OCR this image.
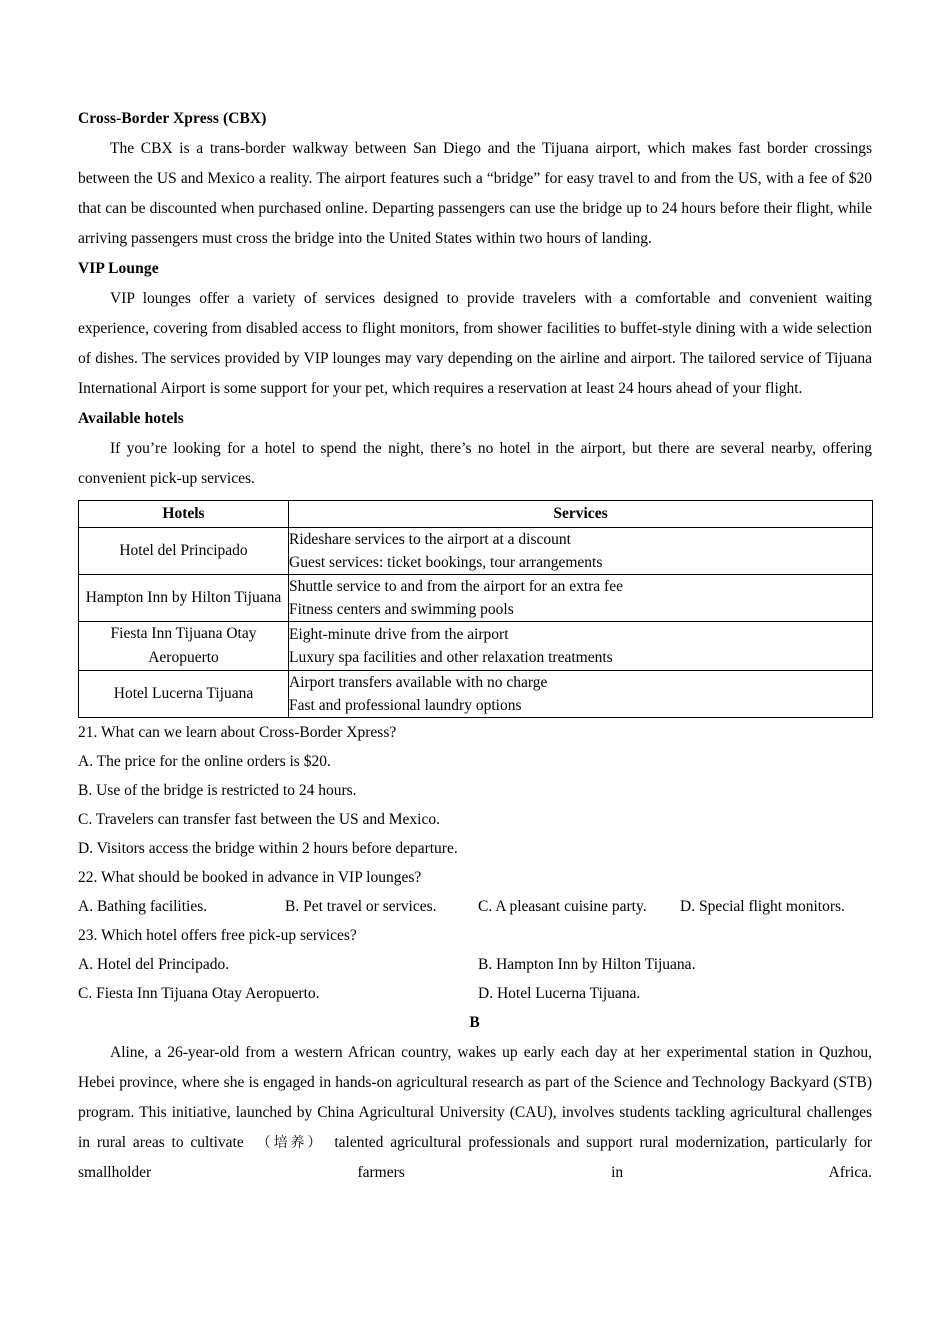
Cross-Border Xpress (CBX)

The CBX is a trans-border walkway between San Diego and the Tijuana airport, which makes fast border crossings between the US and Mexico a reality. The airport features such a “bridge” for easy travel to and from the US, with a fee of $20 that can be discounted when purchased online. Departing passengers can use the bridge up to 24 hours before their flight, while arriving passengers must cross the bridge into the United States within two hours of landing.

VIP Lounge

VIP lounges offer a variety of services designed to provide travelers with a comfortable and convenient waiting experience, covering from disabled access to flight monitors, from shower facilities to buffet-style dining with a wide selection of dishes. The services provided by VIP lounges may vary depending on the airline and airport. The tailored service of Tijuana International Airport is some support for your pet, which requires a reservation at least 24 hours ahead of your flight.

Available hotels

If you’re looking for a hotel to spend the night, there’s no hotel in the airport, but there are several nearby, offering convenient pick-up services.

Hotels	Services
Hotel del Principado	Rideshare services to the airport at a discount
Guest services: ticket bookings, tour arrangements

Hampton Inn by Hilton Tijuana	Shuttle service to and from the airport for an extra fee
Fitness centers and swimming pools

Fiesta Inn Tijuana Otay Aeropuerto	Eight-minute drive from the airport
Luxury spa facilities and other relaxation treatments

Hotel Lucerna Tijuana	Airport transfers available with no charge
Fast and professional laundry options

21. What can we learn about Cross-Border Xpress?

A. The price for the online orders is $20.
B. Use of the bridge is restricted to 24 hours.
C. Travelers can transfer fast between the US and Mexico.
D. Visitors access the bridge within 2 hours before departure.

22. What should be booked in advance in VIP lounges?

A. Bathing facilities.	B. Pet travel or services.	C. A pleasant cuisine party. D. Special flight monitors.

23. Which hotel offers free pick-up services?

A. Hotel del Principado.	B. Hampton Inn by Hilton Tijuana.
C. Fiesta Inn Tijuana Otay Aeropuerto.	D. Hotel Lucerna Tijuana.

B

Aline, a 26-year-old from a western African country, wakes up early each day at her experimental station in Quzhou, Hebei province, where she is engaged in hands-on agricultural research as part of the Science and Technology Backyard (STB) program. This initiative, launched by China Agricultural University (CAU), involves students tackling agricultural challenges in rural areas to cultivate （培养） talented agricultural professionals and support rural modernization, particularly for smallholder farmers in Africa.
